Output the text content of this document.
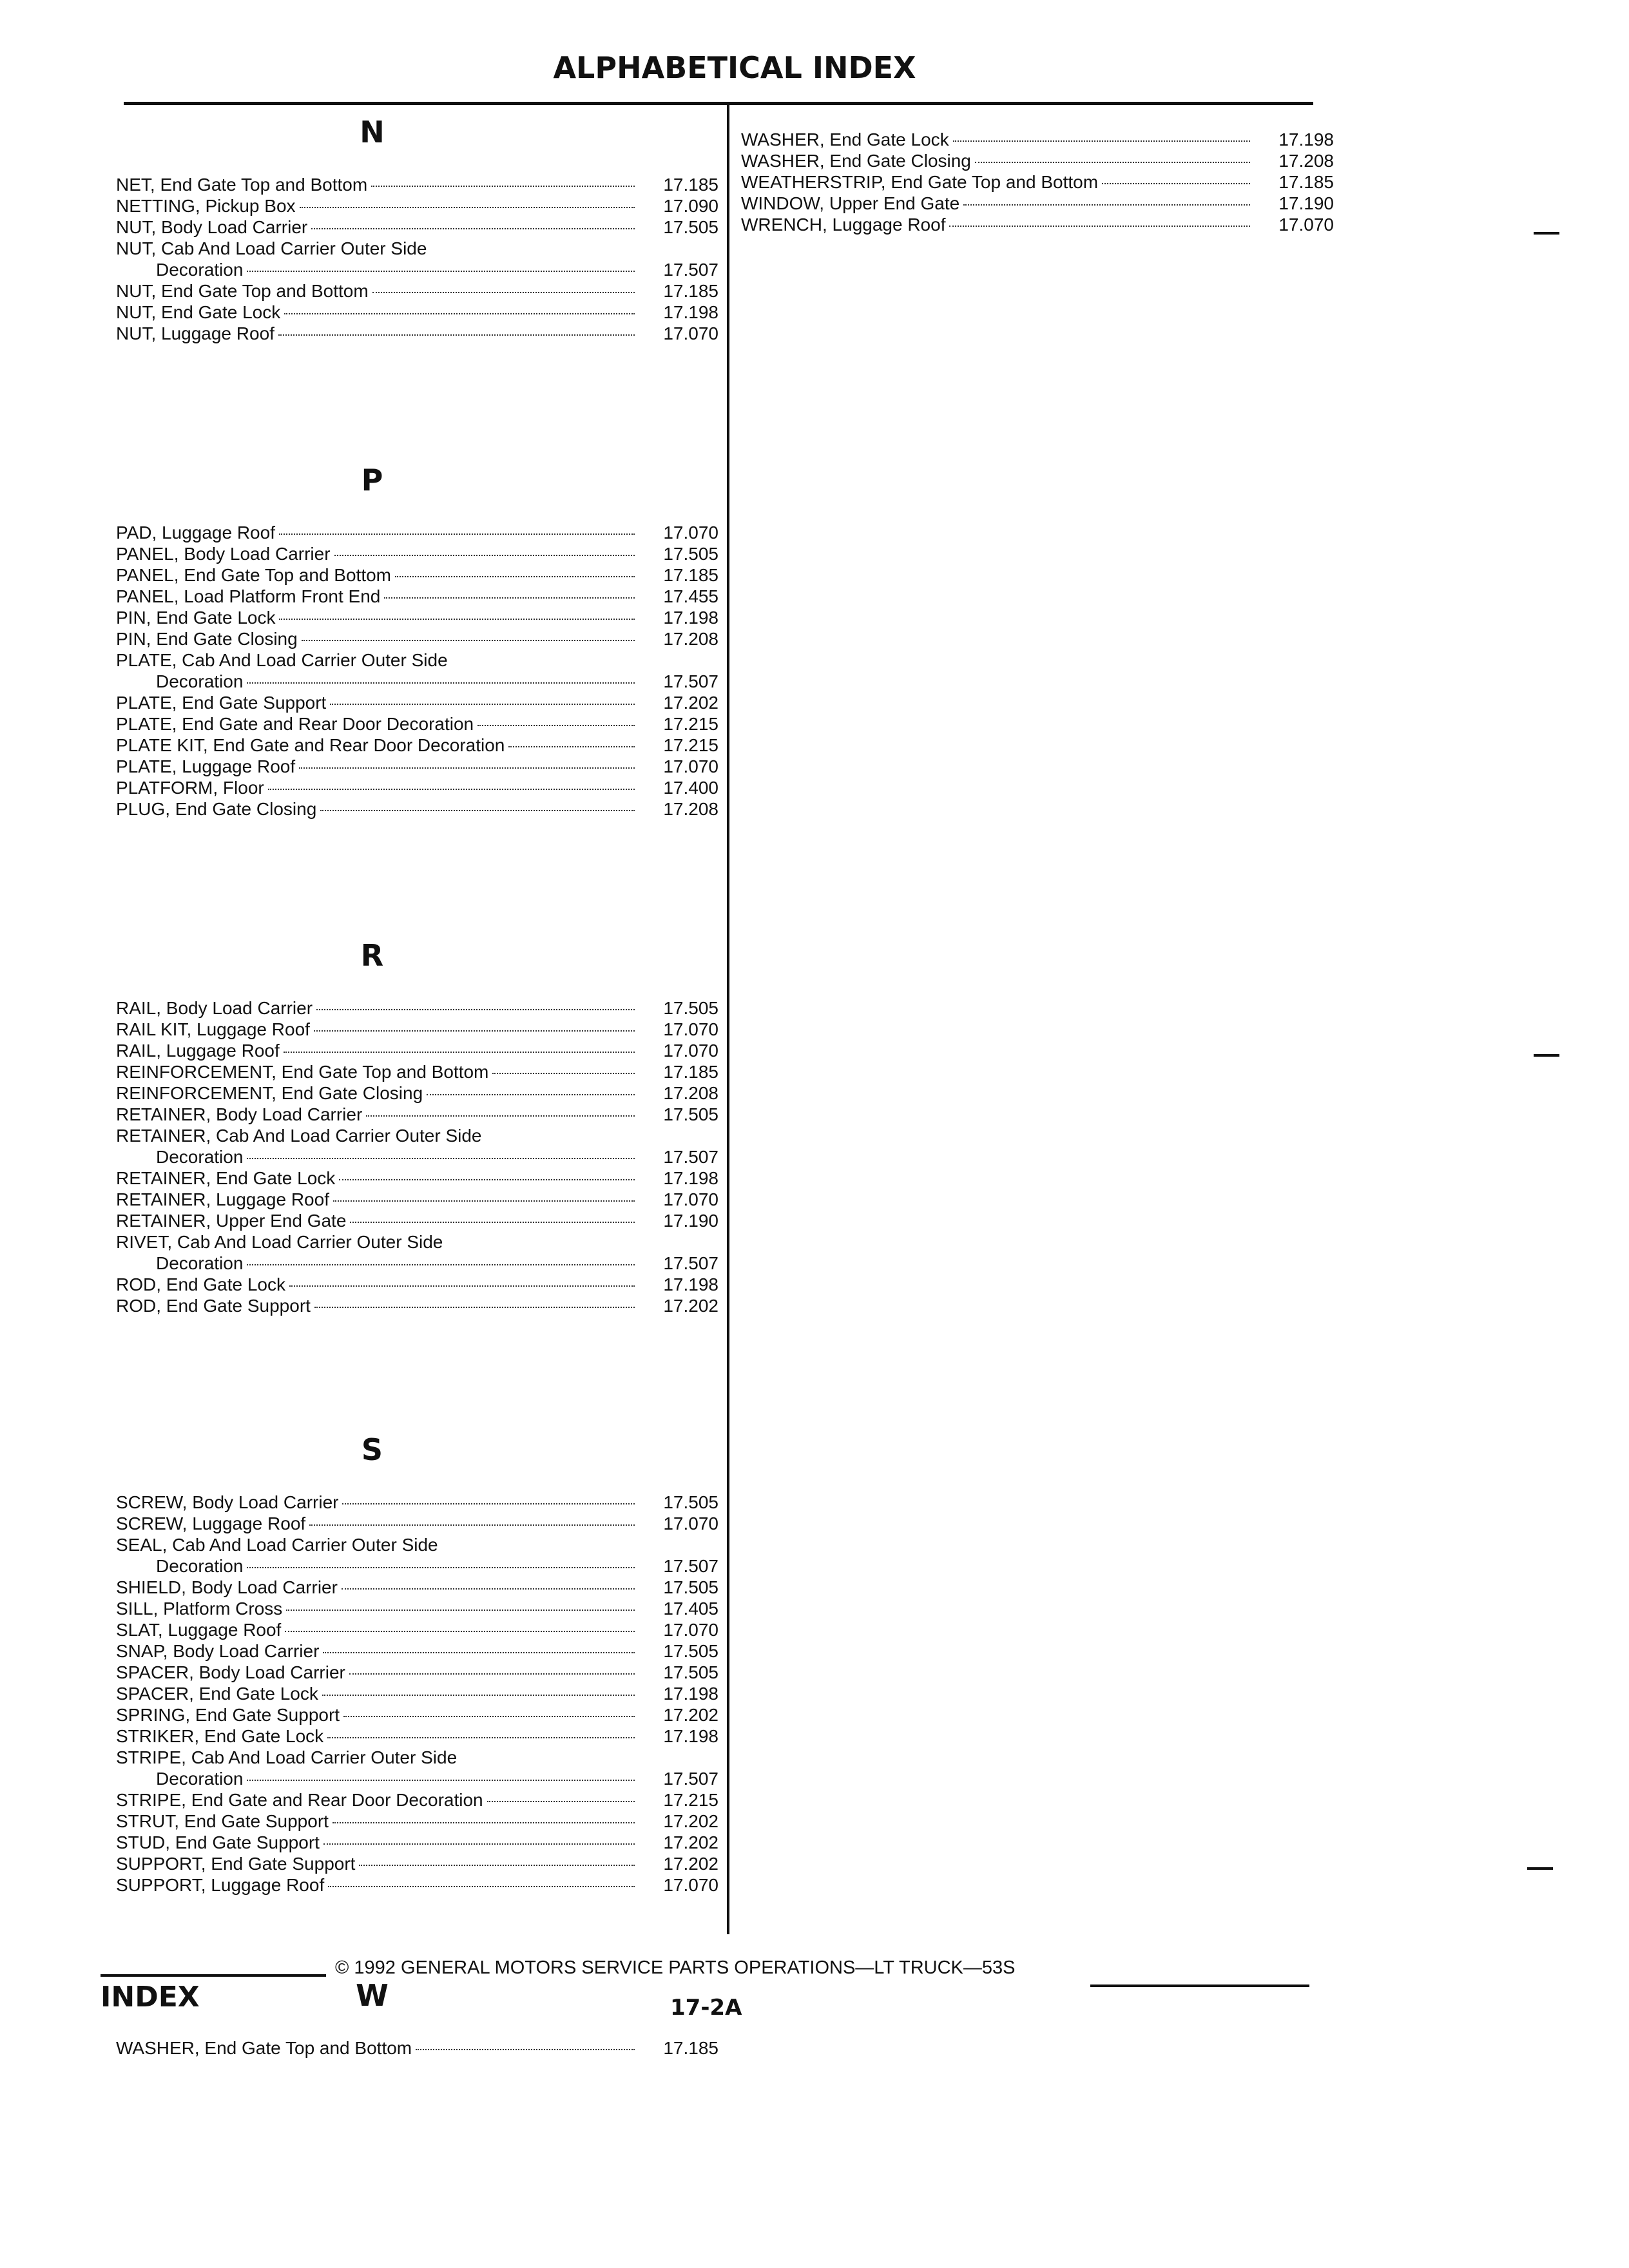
ALPHABETICAL INDEX
N
NET, End Gate Top and Bottom	17.185
NETTING, Pickup Box	17.090
NUT, Body Load Carrier	17.505
NUT, Cab And Load Carrier Outer Side
Decoration	17.507
NUT, End Gate Top and Bottom	17.185
NUT, End Gate Lock	17.198
NUT, Luggage Roof	17.070
P
PAD, Luggage Roof	17.070
PANEL, Body Load Carrier	17.505
PANEL, End Gate Top and Bottom	17.185
PANEL, Load Platform Front End	17.455
PIN, End Gate Lock	17.198
PIN, End Gate Closing	17.208
PLATE, Cab And Load Carrier Outer Side
Decoration	17.507
PLATE, End Gate Support	17.202
PLATE, End Gate and Rear Door Decoration	17.215
PLATE KIT, End Gate and Rear Door Decoration	17.215
PLATE, Luggage Roof	17.070
PLATFORM, Floor	17.400
PLUG, End Gate Closing	17.208
R
RAIL, Body Load Carrier	17.505
RAIL KIT, Luggage Roof	17.070
RAIL, Luggage Roof	17.070
REINFORCEMENT, End Gate Top and Bottom	17.185
REINFORCEMENT, End Gate Closing	17.208
RETAINER, Body Load Carrier	17.505
RETAINER, Cab And Load Carrier Outer Side
Decoration	17.507
RETAINER, End Gate Lock	17.198
RETAINER, Luggage Roof	17.070
RETAINER, Upper End Gate	17.190
RIVET, Cab And Load Carrier Outer Side
Decoration	17.507
ROD, End Gate Lock	17.198
ROD, End Gate Support	17.202
S
SCREW, Body Load Carrier	17.505
SCREW, Luggage Roof	17.070
SEAL, Cab And Load Carrier Outer Side
Decoration	17.507
SHIELD, Body Load Carrier	17.505
SILL, Platform Cross	17.405
SLAT, Luggage Roof	17.070
SNAP, Body Load Carrier	17.505
SPACER, Body Load Carrier	17.505
SPACER, End Gate Lock	17.198
SPRING, End Gate Support	17.202
STRIKER, End Gate Lock	17.198
STRIPE, Cab And Load Carrier Outer Side
Decoration	17.507
STRIPE, End Gate and Rear Door Decoration	17.215
STRUT, End Gate Support	17.202
STUD, End Gate Support	17.202
SUPPORT, End Gate Support	17.202
SUPPORT, Luggage Roof	17.070
W
WASHER, End Gate Top and Bottom	17.185
WASHER, End Gate Lock	17.198
WASHER, End Gate Closing	17.208
WEATHERSTRIP, End Gate Top and Bottom	17.185
WINDOW, Upper End Gate	17.190
WRENCH, Luggage Roof	17.070
© 1992 GENERAL MOTORS SERVICE PARTS OPERATIONS—LT TRUCK—53S
INDEX	17-2A
